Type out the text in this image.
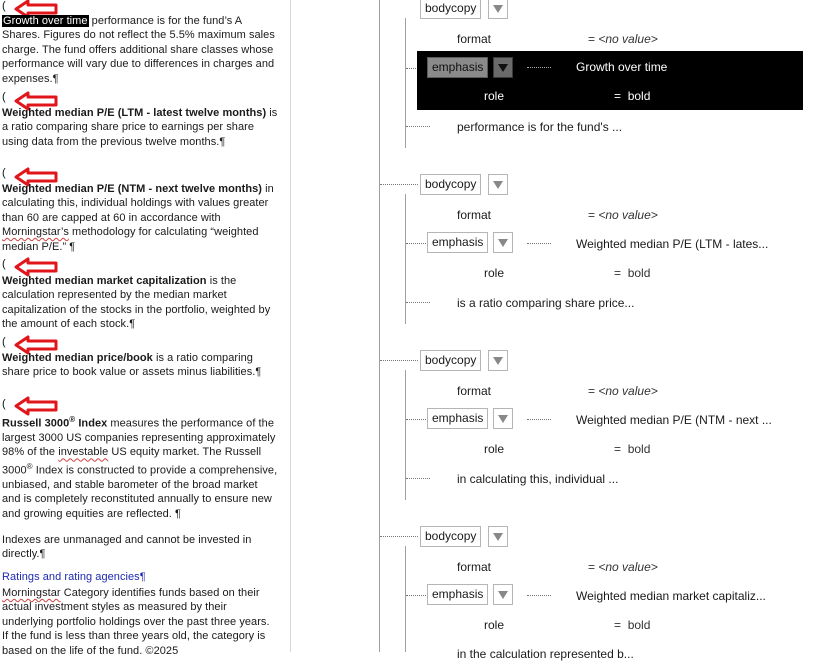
(
Growth over time performance is for the fund’s A Shares. Figures do not reflect the 5.5% maximum sales charge. The fund offers additional share classes whose performance will vary due to differences in charges and expenses.¶
(
Weighted median P/E (LTM - latest twelve months) is a ratio comparing share price to earnings per share using data from the previous twelve months.¶
(
Weighted median P/E (NTM - next twelve months) in calculating this, individual holdings with values greater than 60 are capped at 60 in accordance with Morningstar’s methodology for calculating “weighted median P/E.” ¶
(
Weighted median market capitalization is the calculation represented by the median market capitalization of the stocks in the portfolio, weighted by the amount of each stock.¶
(
Weighted median price/book is a ratio comparing share price to book value or assets minus liabilities.¶
(
Russell 3000® Index measures the performance of the largest 3000 US companies representing approximately 98% of the investable US equity market. The Russell 3000® Index is constructed to provide a comprehensive, unbiased, and stable barometer of the broad market and is completely reconstituted annually to ensure new and growing equities are reflected. ¶
Indexes are unmanaged and cannot be invested in directly.¶
Ratings and rating agencies¶
Morningstar Category identifies funds based on their actual investment styles as measured by their underlying portfolio holdings over the past three years. If the fund is less than three years old, the category is based on the life of the fund. ©2025
bodycopy
format	= <no value>
emphasis	Growth over time
role	= bold
performance is for the fund's ...
bodycopy
format	= <no value>
emphasis	Weighted median P/E (LTM - lates...
role	= bold
is a ratio comparing share price...
bodycopy
format	= <no value>
emphasis	Weighted median P/E (NTM - next ...
role	= bold
in calculating this, individual ...
bodycopy
format	= <no value>
emphasis	Weighted median market capitaliz...
role	= bold
in the calculation represented b...
